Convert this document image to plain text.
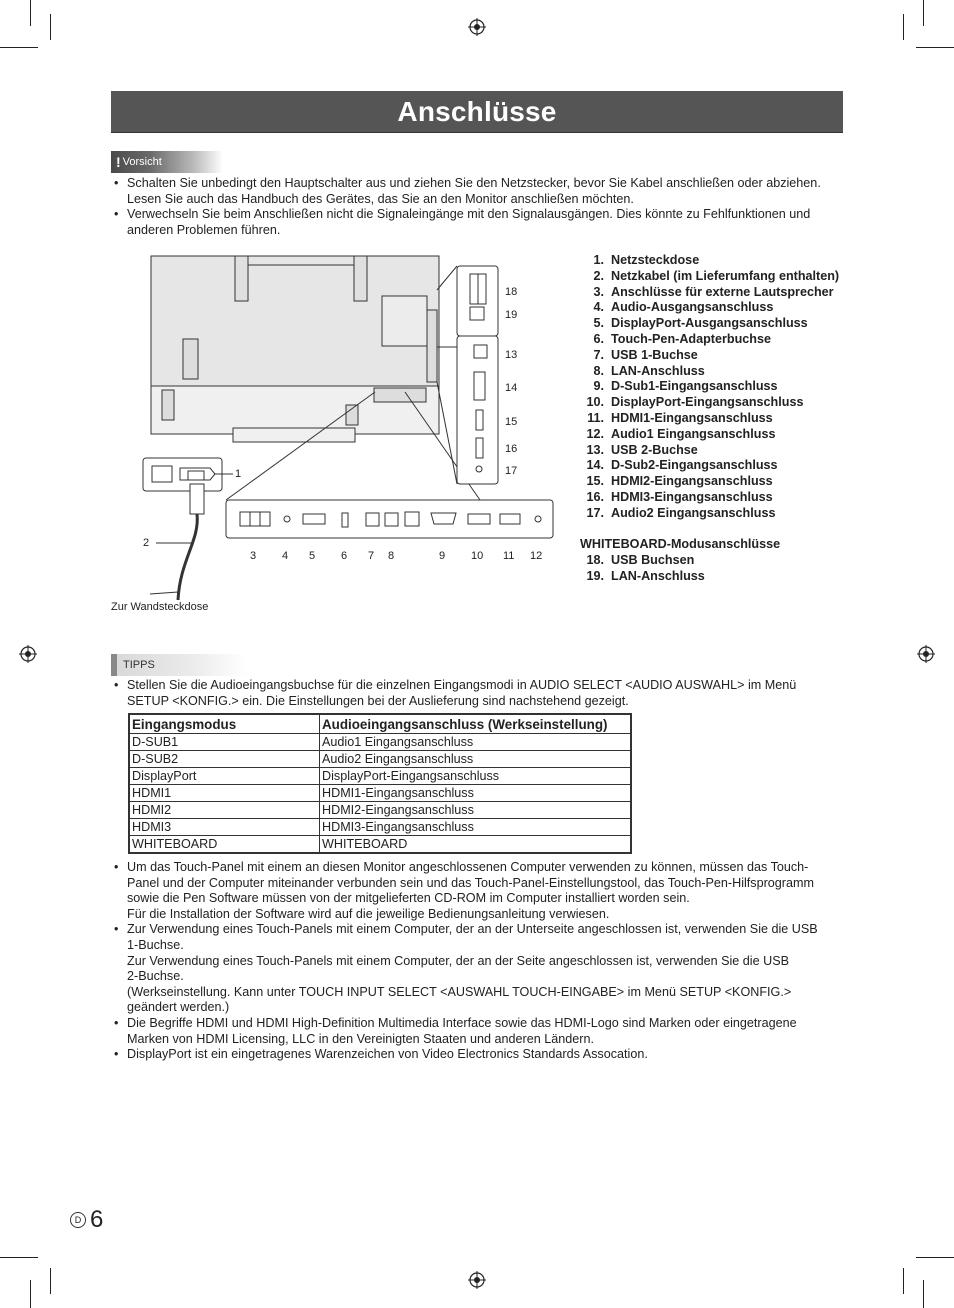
Anschlüsse
! Vorsicht
• Schalten Sie unbedingt den Hauptschalter aus und ziehen Sie den Netzstecker, bevor Sie Kabel anschließen oder abziehen.
Lesen Sie auch das Handbuch des Gerätes, das Sie an den Monitor anschließen möchten.
• Verwechseln Sie beim Anschließen nicht die Signaleingänge mit den Signalausgängen. Dies könnte zu Fehlfunktionen und
anderen Problemen führen.
1
2
3 4 5 6 7 8	9 10 11 12
13
14
15
16
17
18
19
Zur Wandsteckdose
1. Netzsteckdose
2. Netzkabel (im Lieferumfang enthalten)
3. Anschlüsse für externe Lautsprecher
4. Audio-Ausgangsanschluss
5. DisplayPort-Ausgangsanschluss
6. Touch-Pen-Adapterbuchse
7. USB 1-Buchse
8. LAN-Anschluss
9. D-Sub1-Eingangsanschluss
10. DisplayPort-Eingangsanschluss
11. HDMI1-Eingangsanschluss
12. Audio1 Eingangsanschluss
13. USB 2-Buchse
14. D-Sub2-Eingangsanschluss
15. HDMI2-Eingangsanschluss
16. HDMI3-Eingangsanschluss
17. Audio2 Eingangsanschluss
WHITEBOARD-Modusanschlüsse
18. USB Buchsen
19. LAN-Anschluss
TIPPS
• Stellen Sie die Audioeingangsbuchse für die einzelnen Eingangsmodi in AUDIO SELECT <AUDIO AUSWAHL> im Menü
SETUP <KONFIG.> ein. Die Einstellungen bei der Auslieferung sind nachstehend gezeigt.
Eingangsmodus	Audioeingangsanschluss (Werkseinstellung)
D-SUB1	Audio1 Eingangsanschluss
D-SUB2	Audio2 Eingangsanschluss
DisplayPort	DisplayPort-Eingangsanschluss
HDMI1	HDMI1-Eingangsanschluss
HDMI2	HDMI2-Eingangsanschluss
HDMI3	HDMI3-Eingangsanschluss
WHITEBOARD	WHITEBOARD
• Um das Touch-Panel mit einem an diesen Monitor angeschlossenen Computer verwenden zu können, müssen das Touch-
Panel und der Computer miteinander verbunden sein und das Touch-Panel-Einstellungstool, das Touch-Pen-Hilfsprogramm
sowie die Pen Software müssen von der mitgelieferten CD-ROM im Computer installiert worden sein.
Für die Installation der Software wird auf die jeweilige Bedienungsanleitung verwiesen.
• Zur Verwendung eines Touch-Panels mit einem Computer, der an der Unterseite angeschlossen ist, verwenden Sie die USB
1-Buchse.
Zur Verwendung eines Touch-Panels mit einem Computer, der an der Seite angeschlossen ist, verwenden Sie die USB
2-Buchse.
(Werkseinstellung. Kann unter TOUCH INPUT SELECT <AUSWAHL TOUCH-EINGABE> im Menü SETUP <KONFIG.>
geändert werden.)
• Die Begriffe HDMI und HDMI High-Definition Multimedia Interface sowie das HDMI-Logo sind Marken oder eingetragene
Marken von HDMI Licensing, LLC in den Vereinigten Staaten und anderen Ländern.
• DisplayPort ist ein eingetragenes Warenzeichen von Video Electronics Standards Assocation.
D 6
